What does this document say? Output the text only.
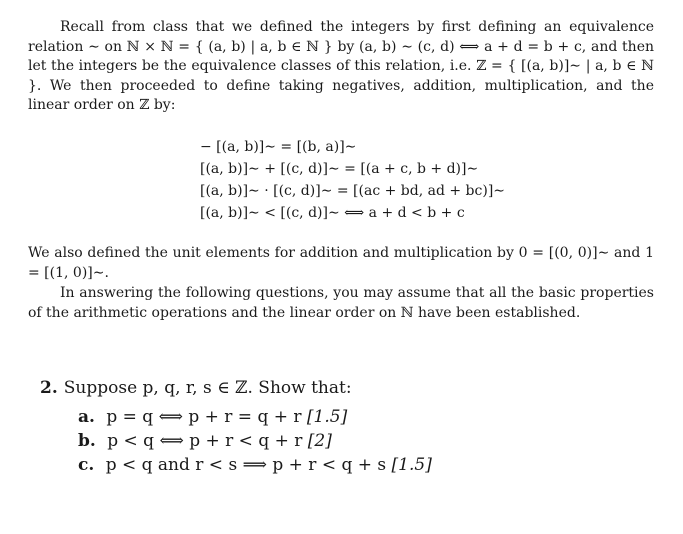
Recall from class that we defined the integers by first defining an equivalence relation ∼ on ℕ × ℕ = { (a, b) | a, b ∈ ℕ } by (a, b) ∼ (c, d) ⟺ a + d = b + c, and then let the integers be the equivalence classes of this relation, i.e. ℤ = { [(a, b)]∼ | a, b ∈ ℕ }. We then proceeded to define taking negatives, addition, multiplication, and the linear order on ℤ by:

− [(a, b)]∼ = [(b, a)]∼
[(a, b)]∼ + [(c, d)]∼ = [(a + c, b + d)]∼
[(a, b)]∼ · [(c, d)]∼ = [(ac + bd, ad + bc)]∼
[(a, b)]∼ < [(c, d)]∼ ⟺ a + d < b + c

We also defined the unit elements for addition and multiplication by 0 = [(0, 0)]∼ and 1 = [(1, 0)]∼.

In answering the following questions, you may assume that all the basic properties of the arithmetic operations and the linear order on ℕ have been established.

2. Suppose p, q, r, s ∈ ℤ. Show that:
a. p = q ⟺ p + r = q + r [1.5]
b. p < q ⟺ p + r < q + r [2]
c. p < q and r < s ⟹ p + r < q + s [1.5]
